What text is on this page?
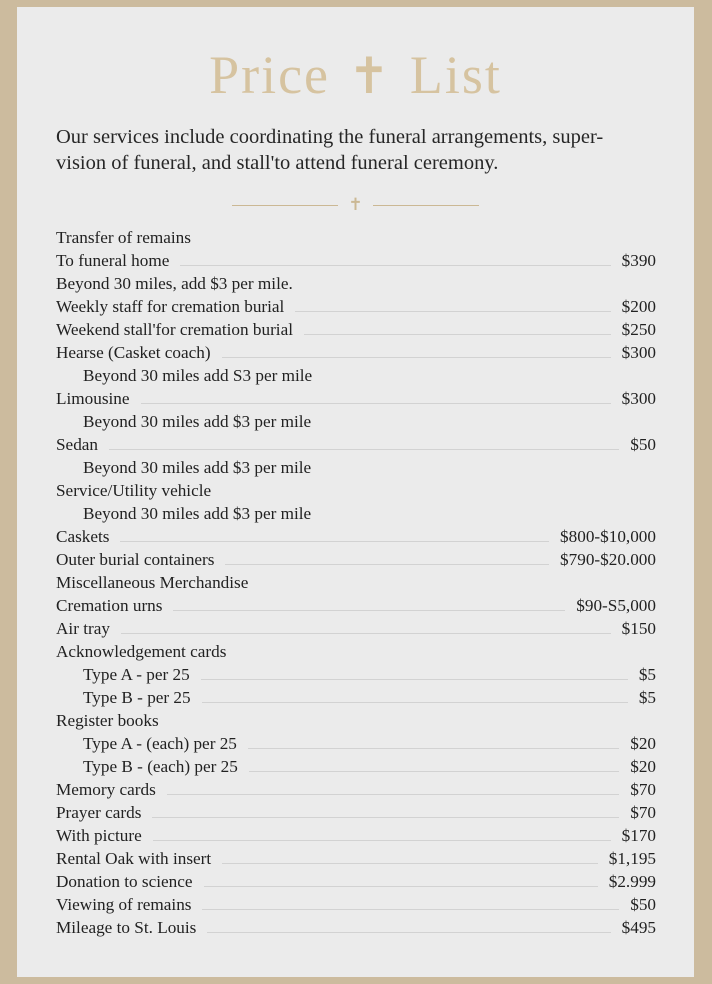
Price ✝ List
Our services include coordinating the funeral arrangements, super-
vision of funeral, and stall'to attend funeral ceremony.
✝
Transfer of remains
To funeral home	$390
Beyond 30 miles, add $3 per mile.
Weekly staff for cremation burial	$200
Weekend stall'for cremation burial	$250
Hearse (Casket coach)	$300
Beyond 30 miles add S3 per mile
Limousine	$300
Beyond 30 miles add $3 per mile
Sedan	$50
Beyond 30 miles add $3 per mile
Service/Utility vehicle
Beyond 30 miles add $3 per mile
Caskets	$800-$10,000
Outer burial containers	$790-$20.000
Miscellaneous Merchandise
Cremation urns	$90-S5,000
Air tray	$150
Acknowledgement cards
Type A - per 25	$5
Type B - per 25	$5
Register books
Type A - (each) per 25	$20
Type B - (each) per 25	$20
Memory cards	$70
Prayer cards	$70
With picture	$170
Rental Oak with insert	$1,195
Donation to science	$2.999
Viewing of remains	$50
Mileage to St. Louis	$495
